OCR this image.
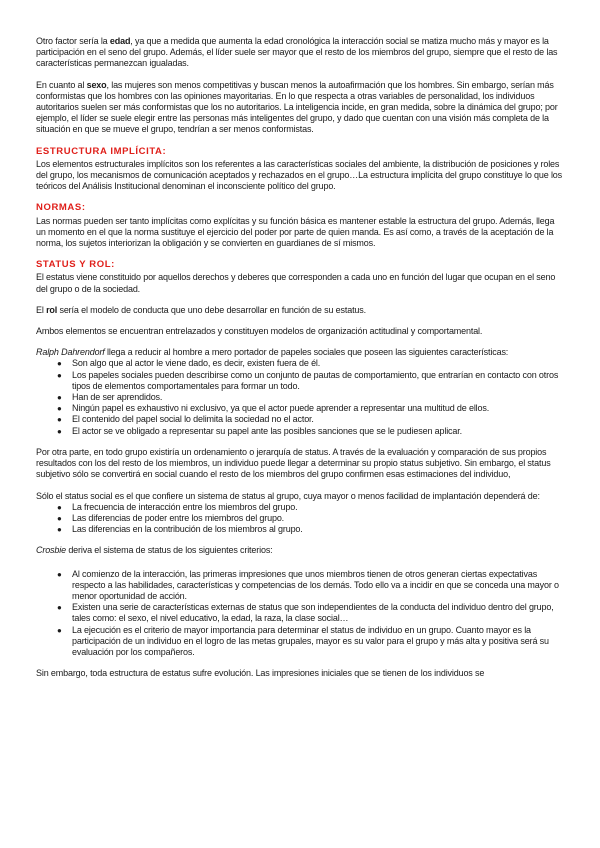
Otro factor sería la edad, ya que a medida que aumenta la edad cronológica la interacción social se matiza mucho más y mayor es la participación en el seno del grupo. Además, el líder suele ser mayor que el resto de los miembros del grupo, siempre que el resto de las características permanezcan igualadas.

En cuanto al sexo, las mujeres son menos competitivas y buscan menos la autoafirmación que los hombres. Sin embargo, serían más conformistas que los hombres con las opiniones mayoritarias. En lo que respecta a otras variables de personalidad, los individuos autoritarios suelen ser más conformistas que los no autoritarios. La inteligencia incide, en gran medida, sobre la dinámica del grupo; por ejemplo, el líder se suele elegir entre las personas más inteligentes del grupo, y dado que cuentan con una visión más completa de la situación en que se mueve el grupo, tendrían a ser menos conformistas.

ESTRUCTURA IMPLÍCITA:

Los elementos estructurales implícitos son los referentes a las características sociales del ambiente, la distribución de posiciones y roles del grupo, los mecanismos de comunicación aceptados y rechazados en el grupo…La estructura implícita del grupo constituye lo que los teóricos del Análisis Institucional denominan el inconsciente político del grupo.

NORMAS:

Las normas pueden ser tanto implícitas como explícitas y su función básica es mantener estable la estructura del grupo. Además, llega un momento en el que la norma sustituye el ejercicio del poder por parte de quien manda. Es así como, a través de la aceptación de la norma, los sujetos interiorizan la obligación y se convierten en guardianes de sí mismos.

STATUS Y ROL:

El estatus viene constituido por aquellos derechos y deberes que corresponden a cada uno en función del lugar que ocupan en el seno del grupo o de la sociedad.

El rol sería el modelo de conducta que uno debe desarrollar en función de su estatus.

Ambos elementos se encuentran entrelazados y constituyen modelos de organización actitudinal y comportamental.

Ralph Dahrendorf llega a reducir al hombre a mero portador de papeles sociales que poseen las siguientes características:

● Son algo que al actor le viene dado, es decir, existen fuera de él.
● Los papeles sociales pueden describirse como un conjunto de pautas de comportamiento, que entrarían en contacto con otros tipos de elementos comportamentales para formar un todo.
● Han de ser aprendidos.
● Ningún papel es exhaustivo ni exclusivo, ya que el actor puede aprender a representar una multitud de ellos.
● El contenido del papel social lo delimita la sociedad no el actor.
● El actor se ve obligado a representar su papel ante las posibles sanciones que se le pudiesen aplicar.

Por otra parte, en todo grupo existiría un ordenamiento o jerarquía de status. A través de la evaluación y comparación de sus propios resultados con los del resto de los miembros, un individuo puede llegar a determinar su propio status subjetivo. Sin embargo, el status subjetivo sólo se convertirá en social cuando el resto de los miembros del grupo confirmen esas estimaciones del individuo,

Sólo el status social es el que confiere un sistema de status al grupo, cuya mayor o menos facilidad de implantación dependerá de:

● La frecuencia de interacción entre los miembros del grupo.
● Las diferencias de poder entre los miembros del grupo.
● Las diferencias en la contribución de los miembros al grupo.

Crosbie deriva el sistema de status de los siguientes criterios:

● Al comienzo de la interacción, las primeras impresiones que unos miembros tienen de otros generan ciertas expectativas respecto a las habilidades, características y competencias de los demás. Todo ello va a incidir en que se conceda una mayor o menor oportunidad de acción.
● Existen una serie de características externas de status que son independientes de la conducta del individuo dentro del grupo, tales como: el sexo, el nivel educativo, la edad, la raza, la clase social…
● La ejecución es el criterio de mayor importancia para determinar el status de individuo en un grupo. Cuanto mayor es la participación de un individuo en el logro de las metas grupales, mayor es su valor para el grupo y más alta y positiva será su evaluación por los compañeros.

Sin embargo, toda estructura de estatus sufre evolución. Las impresiones iniciales que se tienen de los individuos se
